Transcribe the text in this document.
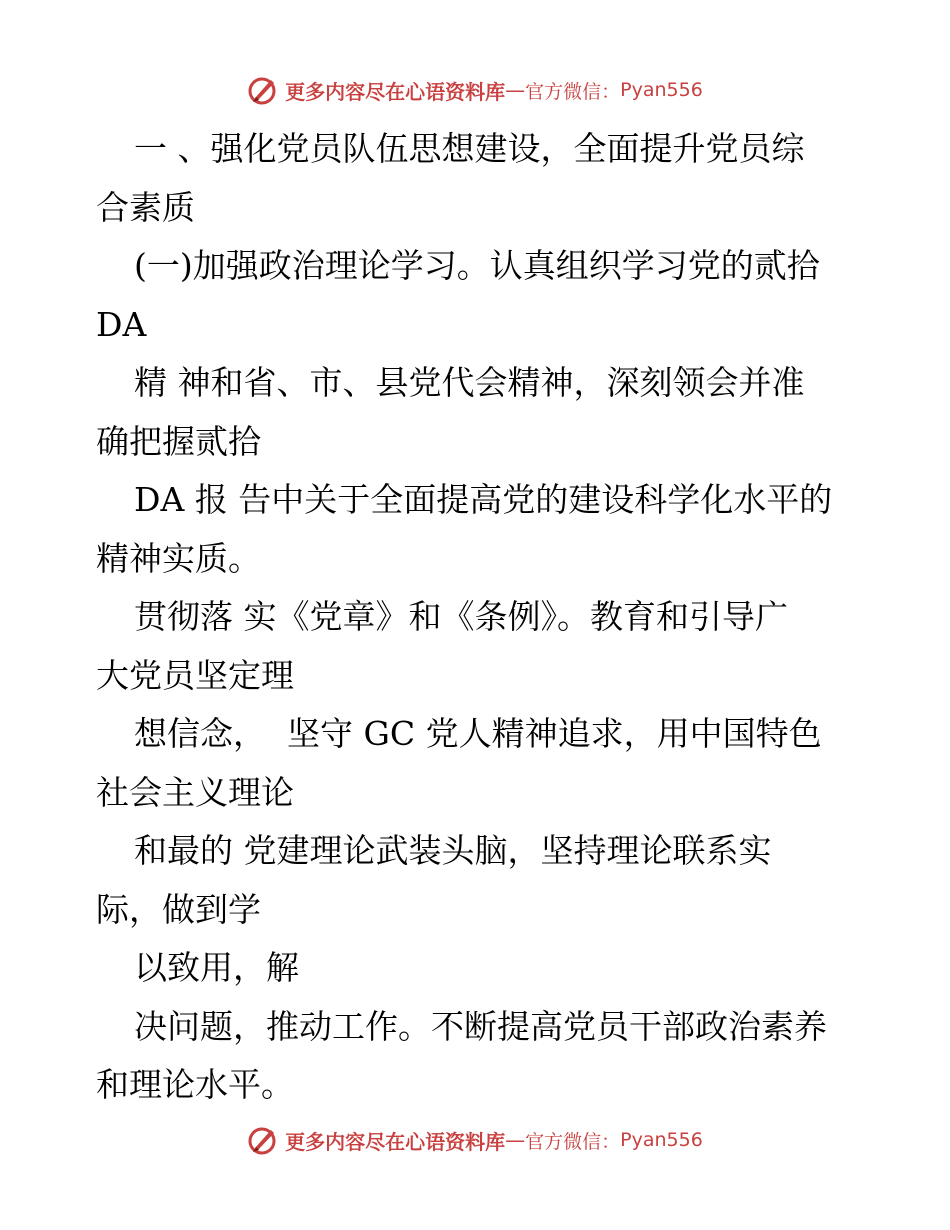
更多内容尽在心语资料库 — 官方微信： Pyan556
一 、强化党员队伍思想建设，全面提升党员综
合素质
(一)加强政治理论学习。认真组织学习党的贰拾
DA
精 神和省、市、县党代会精神，深刻领会并准
确把握贰拾
DA 报 告中关于全面提高党的建设科学化水平的
精神实质。
贯彻落 实《党章》和《条例》。教育和引导广
大党员坚定理
想信念，  坚守 GC 党人精神追求，用中国特色
社会主义理论
和最的 党建理论武装头脑，坚持理论联系实
际，做到学
以致用，解
决问题，推动工作。不断提高党员干部政治素养
和理论水平。
更多内容尽在心语资料库 — 官方微信： Pyan556
